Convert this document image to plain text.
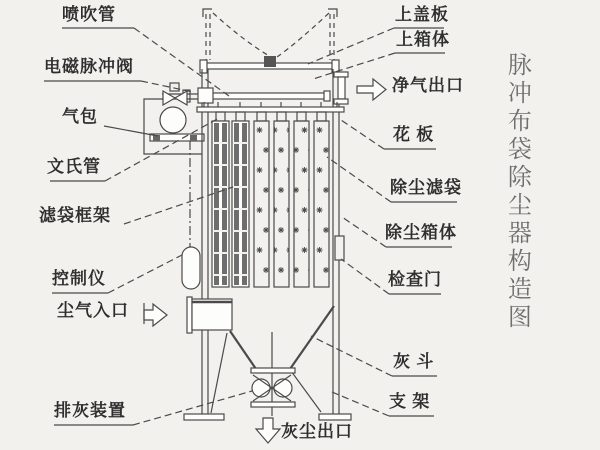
喷吹管
电磁脉冲阀
气包
文氏管
滤袋框架
控制仪
尘气入口
排灰装置
上盖板
上箱体
净气出口
花 板
除尘滤袋
除尘箱体
检查门
灰 斗
支 架
灰尘出口
脉冲布袋除尘器构造图
